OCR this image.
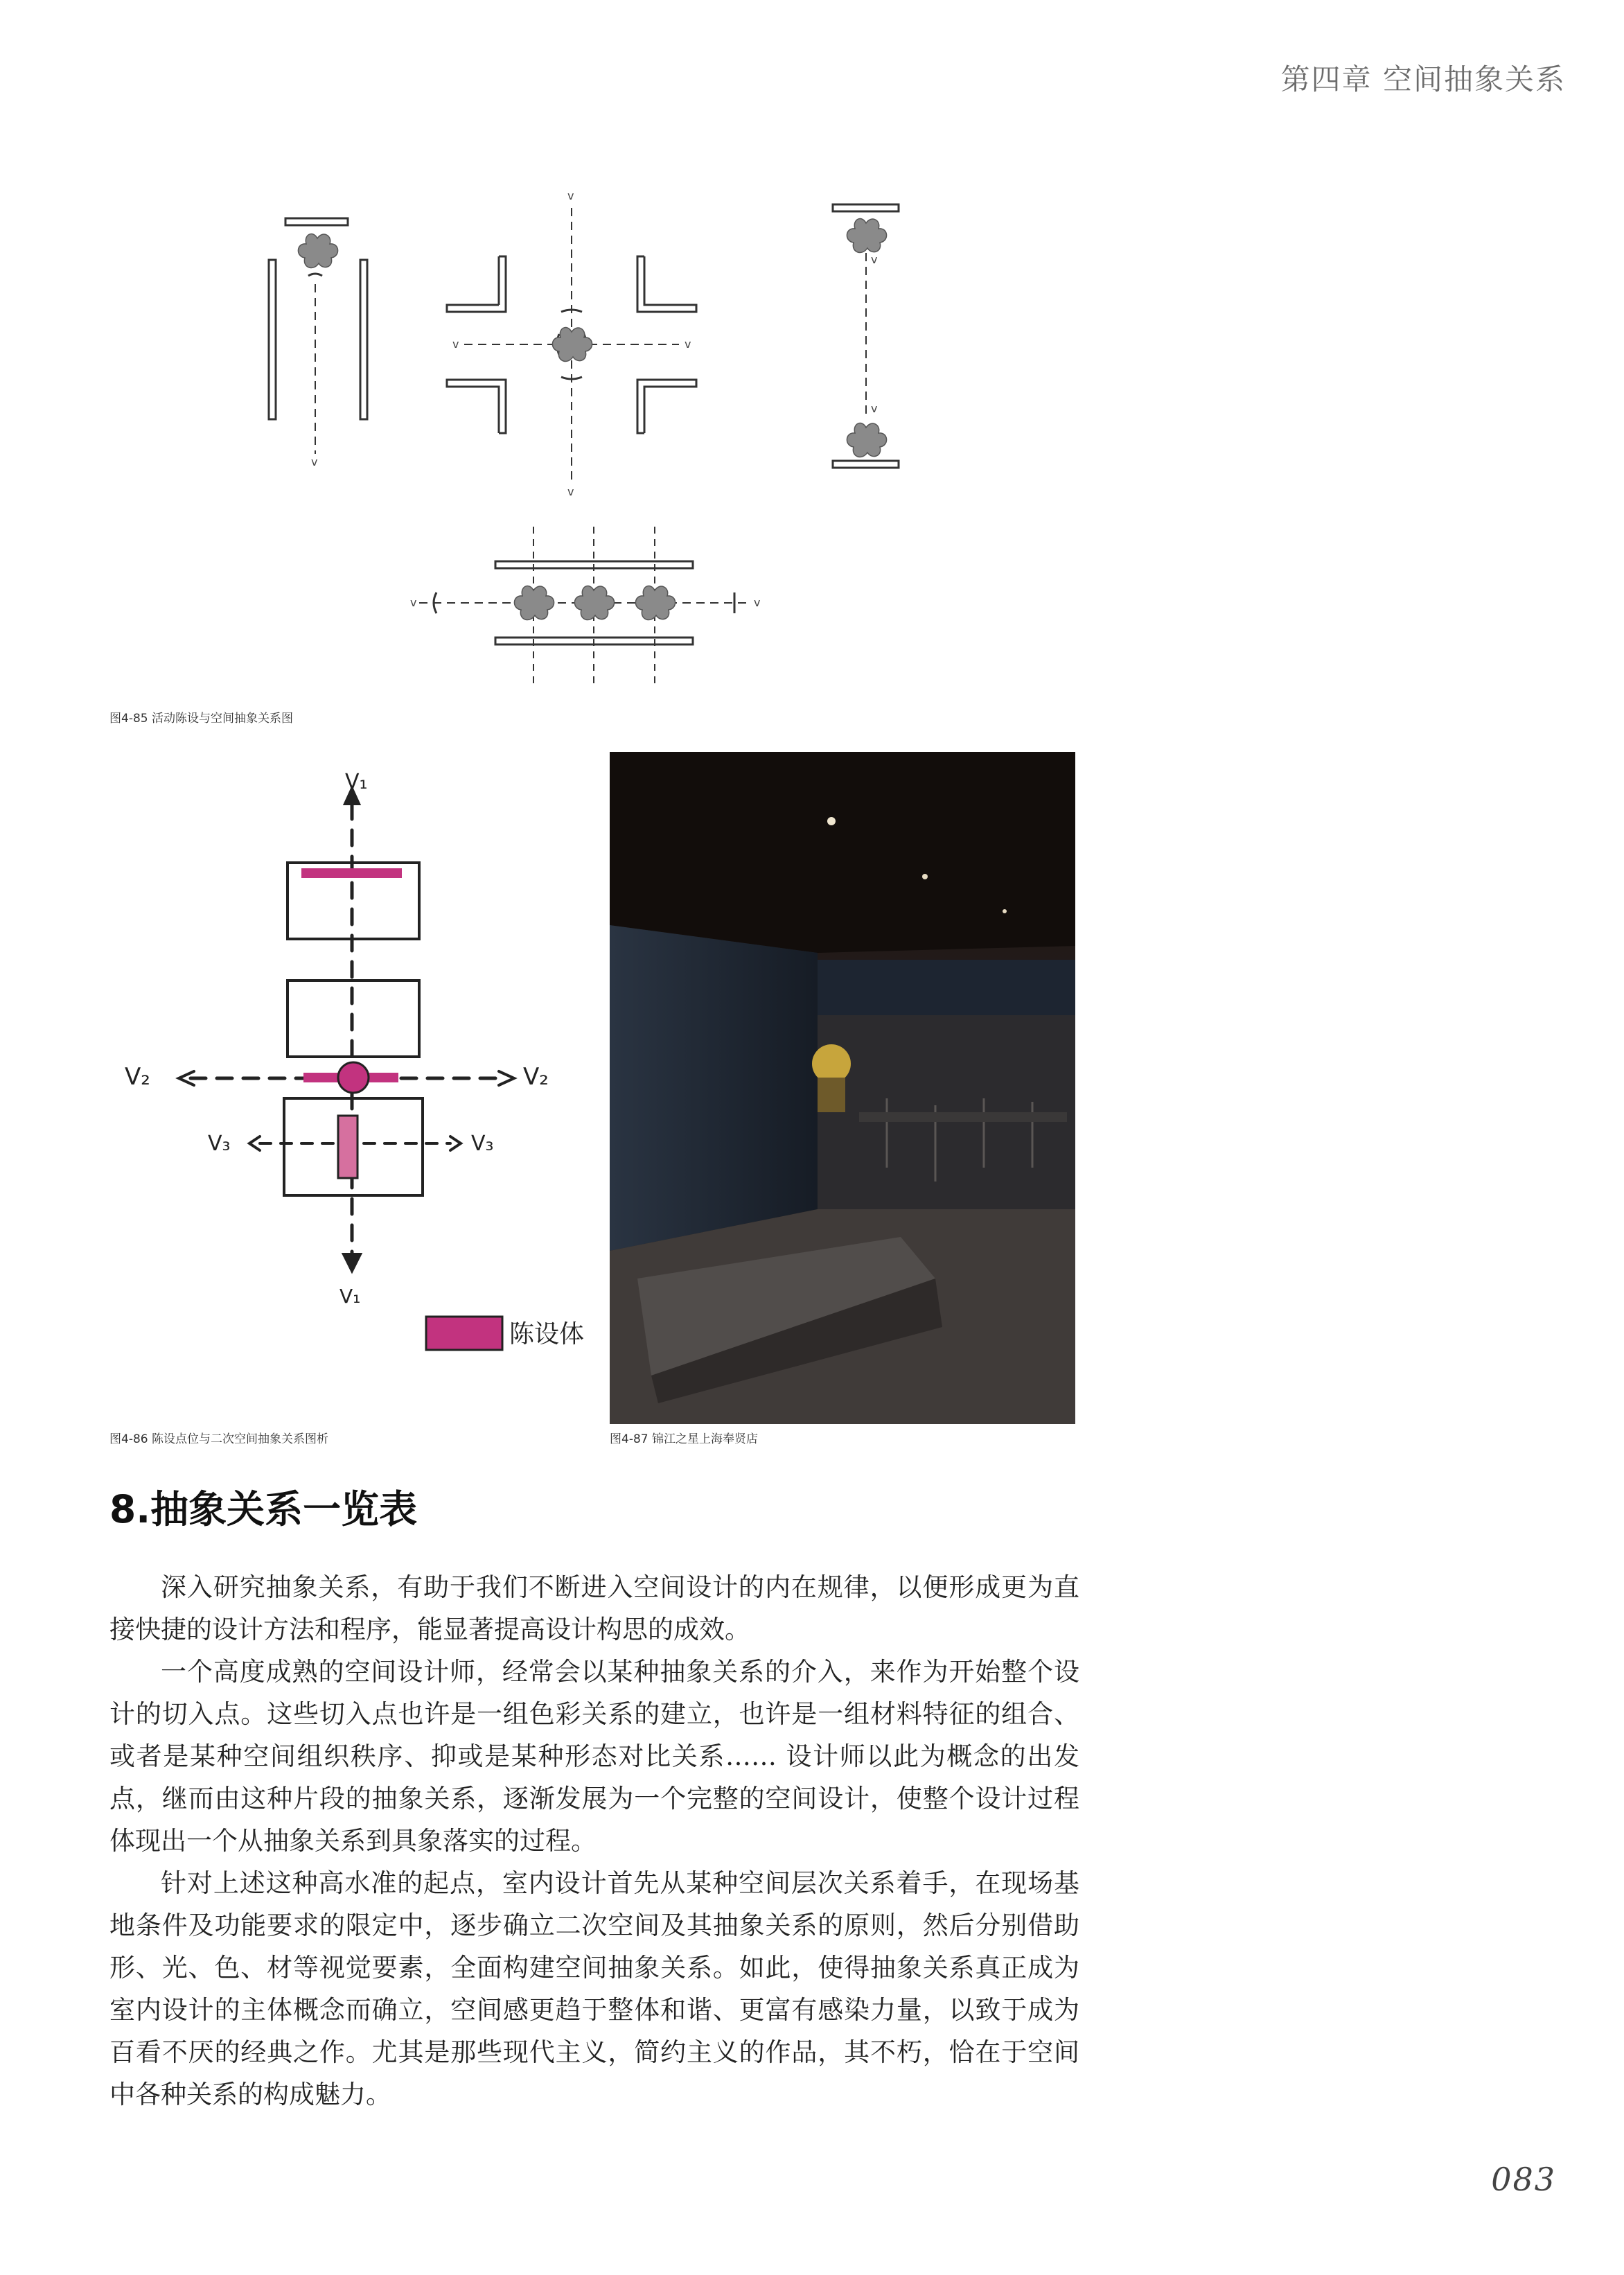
第四章 空间抽象关系
v
v
v
v	v
v
v
v	v
图4-85 活动陈设与空间抽象关系图
V₁
V₂	V₂
V₃	V₃
V₁
陈设体
图4-86 陈设点位与二次空间抽象关系图析	图4-87 锦江之星上海奉贤店
8.抽象关系一览表

深入研究抽象关系，有助于我们不断进入空间设计的内在规律，以便形成更为直接快捷的设计方法和程序，能显著提高设计构思的成效。

一个高度成熟的空间设计师，经常会以某种抽象关系的介入，来作为开始整个设计的切入点。这些切入点也许是一组色彩关系的建立，也许是一组材料特征的组合、或者是某种空间组织秩序、抑或是某种形态对比关系…… 设计师以此为概念的出发点，继而由这种片段的抽象关系，逐渐发展为一个完整的空间设计，使整个设计过程体现出一个从抽象关系到具象落实的过程。

针对上述这种高水准的起点，室内设计首先从某种空间层次关系着手，在现场基地条件及功能要求的限定中，逐步确立二次空间及其抽象关系的原则，然后分别借助形、光、色、材等视觉要素，全面构建空间抽象关系。如此，使得抽象关系真正成为室内设计的主体概念而确立，空间感更趋于整体和谐、更富有感染力量，以致于成为百看不厌的经典之作。尤其是那些现代主义，简约主义的作品，其不朽，恰在于空间中各种关系的构成魅力。

083
